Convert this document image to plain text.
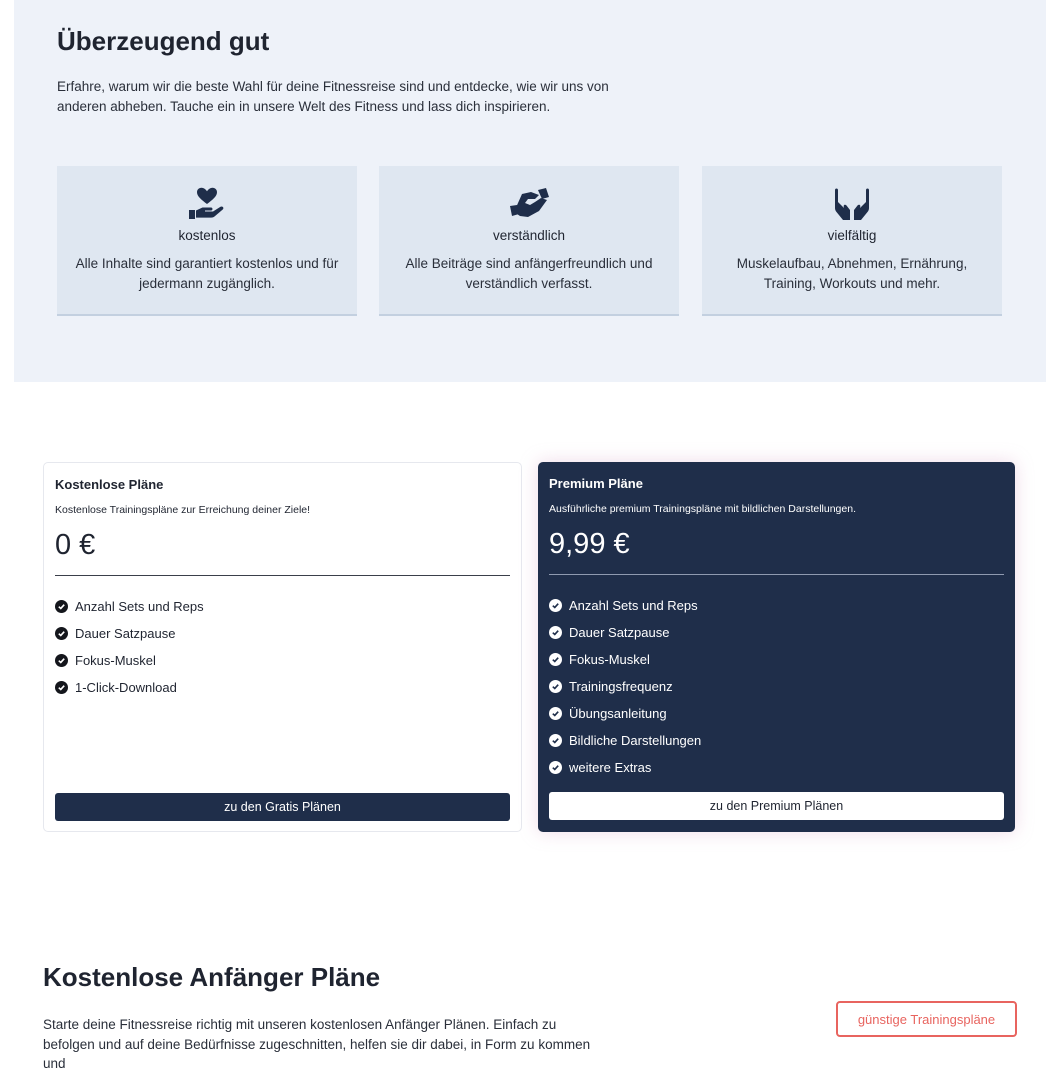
Überzeugend gut

Erfahre, warum wir die beste Wahl für deine Fitnessreise sind und entdecke, wie wir uns von anderen abheben. Tauche ein in unsere Welt des Fitness und lass dich inspirieren.

kostenlos
Alle Inhalte sind garantiert kostenlos und für jedermann zugänglich.
verständlich
Alle Beiträge sind anfängerfreundlich und verständlich verfasst.
vielfältig
Muskelaufbau, Abnehmen, Ernährung, Training, Workouts und mehr.
Kostenlose Pläne
Kostenlose Trainingspläne zur Erreichung deiner Ziele!
0 €
Anzahl Sets und Reps
Dauer Satzpause
Fokus-Muskel
1-Click-Download
zu den Gratis Plänen
Premium Pläne
Ausführliche premium Trainingspläne mit bildlichen Darstellungen.
9,99 €
Anzahl Sets und Reps
Dauer Satzpause
Fokus-Muskel
Trainingsfrequenz
Übungsanleitung
Bildliche Darstellungen
weitere Extras
zu den Premium Plänen
Kostenlose Anfänger Pläne

Starte deine Fitnessreise richtig mit unseren kostenlosen Anfänger Plänen. Einfach zu befolgen und auf deine Bedürfnisse zugeschnitten, helfen sie dir dabei, in Form zu kommen und

günstige Trainingspläne
